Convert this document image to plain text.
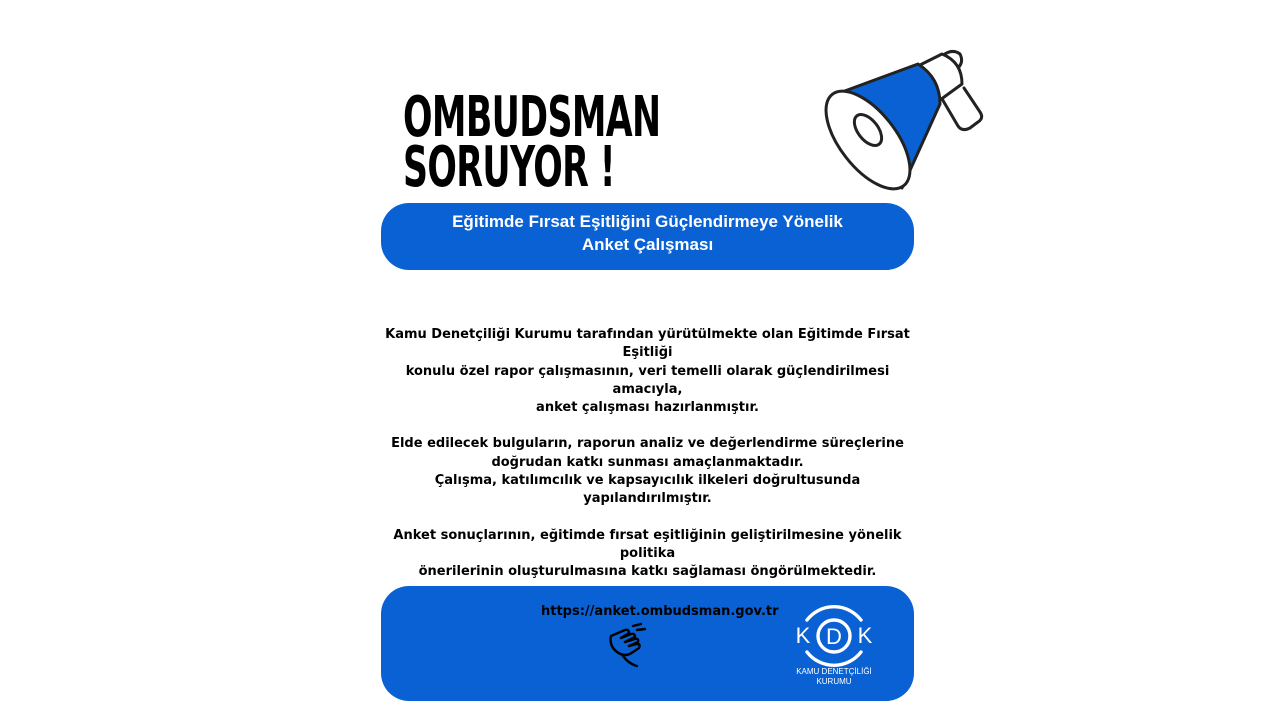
OMBUDSMAN
SORUYOR !
Eğitimde Fırsat Eşitliğini Güçlendirmeye Yönelik
Anket Çalışması

Kamu Denetçiliği Kurumu tarafından yürütülmekte olan Eğitimde Fırsat Eşitliği
konulu özel rapor çalışmasının, veri temelli olarak güçlendirilmesi amacıyla,
anket çalışması hazırlanmıştır.

Elde edilecek bulguların, raporun analiz ve değerlendirme süreçlerine
doğrudan katkı sunması amaçlanmaktadır.
Çalışma, katılımcılık ve kapsayıcılık ilkeleri doğrultusunda yapılandırılmıştır.

Anket sonuçlarının, eğitimde fırsat eşitliğinin geliştirilmesine yönelik politika
önerilerinin oluşturulmasına katkı sağlaması öngörülmektedir.

https://anket.ombudsman.gov.tr
K D K
KAMU DENETÇİLİĞİ
KURUMU
